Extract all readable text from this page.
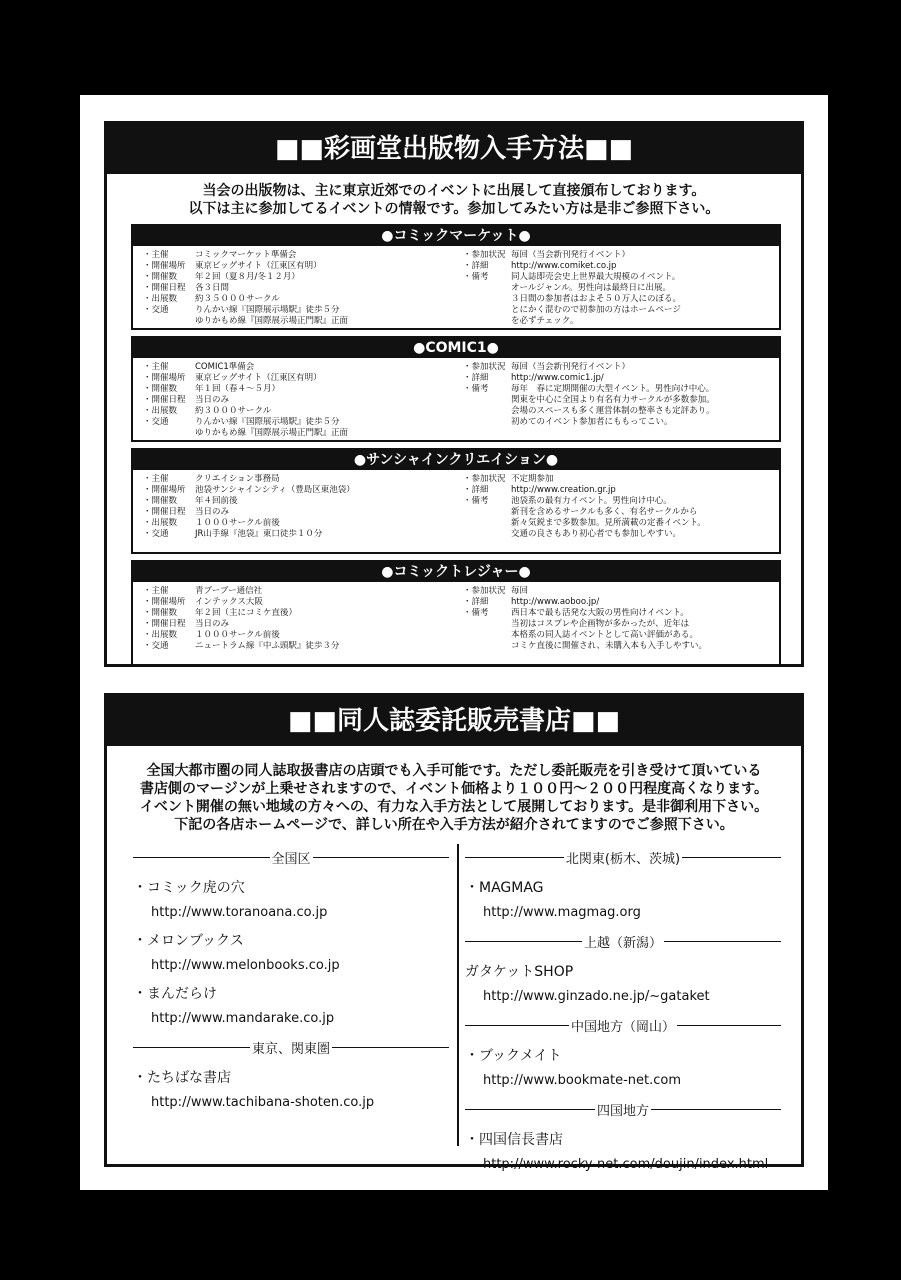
■■彩画堂出版物入手方法■■
当会の出版物は、主に東京近郊でのイベントに出展して直接頒布しております。
以下は主に参加してるイベントの情報です。参加してみたい方は是非ご参照下さい。
●コミックマーケット●
・主催	コミックマーケット準備会
・開催場所 東京ビッグサイト（江東区有明）
・開催数 年２回（夏８月/冬１２月）
・開催日程 各３日間
・出展数 約３５０００サークル
・交通	りんかい線『国際展示場駅』徒歩５分
ゆりかもめ線『国際展示場正門駅』正面
・参加状況 毎回（当会新刊発行イベント）
・詳細	http://www.comiket.co.jp
・備考	同人誌即売会史上世界最大規模のイベント。
オールジャンル。男性向は最終日に出展。
３日間の参加者はおよそ５０万人にのぼる。
とにかく混むので初参加の方はホームページ
を必ずチェック。
●COMIC1●
・主催	COMIC1準備会
・開催場所 東京ビッグサイト（江東区有明）
・開催数 年１回（春４～５月）
・開催日程 当日のみ
・出展数 約３０００サークル
・交通	りんかい線『国際展示場駅』徒歩５分
ゆりかもめ線『国際展示場正門駅』正面
・参加状況 毎回（当会新刊発行イベント）
・詳細	http://www.comic1.jp/
・備考	毎年　春に定期開催の大型イベント。男性向け中心。
関東を中心に全国より有名有力サークルが多数参加。
会場のスペースも多く運営体制の整率さも定評あり。
初めてのイベント参加者にももってこい。
●サンシャインクリエイション●
・主催	クリエイション事務局
・開催場所 池袋サンシャインシティ（豊島区東池袋）
・開催数 年４回前後
・開催日程 当日のみ
・出展数 １０００サークル前後
・交通	JR山手線『池袋』東口徒歩１０分
・参加状況 不定期参加
・詳細	http://www.creation.gr.jp
・備考	池袋系の最有力イベント。男性向け中心。
新刊を含めるサークルも多く、有名サークルから
新々気鋭まで多数参加。見所満載の定番イベント。
交通の良さもあり初心者でも参加しやすい。
●コミックトレジャー●
・主催	青ブーブー通信社
・開催場所 インテックス大阪
・開催数 年２回（主にコミケ直後）
・開催日程 当日のみ
・出展数 １０００サークル前後
・交通	ニュートラム線『中ふ頭駅』徒歩３分
・参加状況 毎回
・詳細	http://www.aoboo.jp/
・備考	西日本で最も活発な大阪の男性向けイベント。
当初はコスプレや企画物が多かったが、近年は
本格系の同人誌イベントとして高い評価がある。
コミケ直後に開催され、未購入本も入手しやすい。
■■同人誌委託販売書店■■
全国大都市圏の同人誌取扱書店の店頭でも入手可能です。ただし委託販売を引き受けて頂いている
書店側のマージンが上乗せされますので、イベント価格より１００円～２００円程度高くなります。
イベント開催の無い地域の方々への、有力な入手方法として展開しております。是非御利用下さい。
下記の各店ホームページで、詳しい所在や入手方法が紹介されてますのでご参照下さい。
全国区
・コミック虎の穴
http://www.toranoana.co.jp
・メロンブックス
http://www.melonbooks.co.jp
・まんだらけ
http://www.mandarake.co.jp
東京、関東圏
・たちばな書店
http://www.tachibana-shoten.co.jp
北関東(栃木、茨城)
・MAGMAG
http://www.magmag.org
上越（新潟）
ガタケットSHOP
http://www.ginzado.ne.jp/~gataket
中国地方（岡山）
・ブックメイト
http://www.bookmate-net.com
四国地方
・四国信長書店
http://www.rocky-net.com/doujin/index.html
